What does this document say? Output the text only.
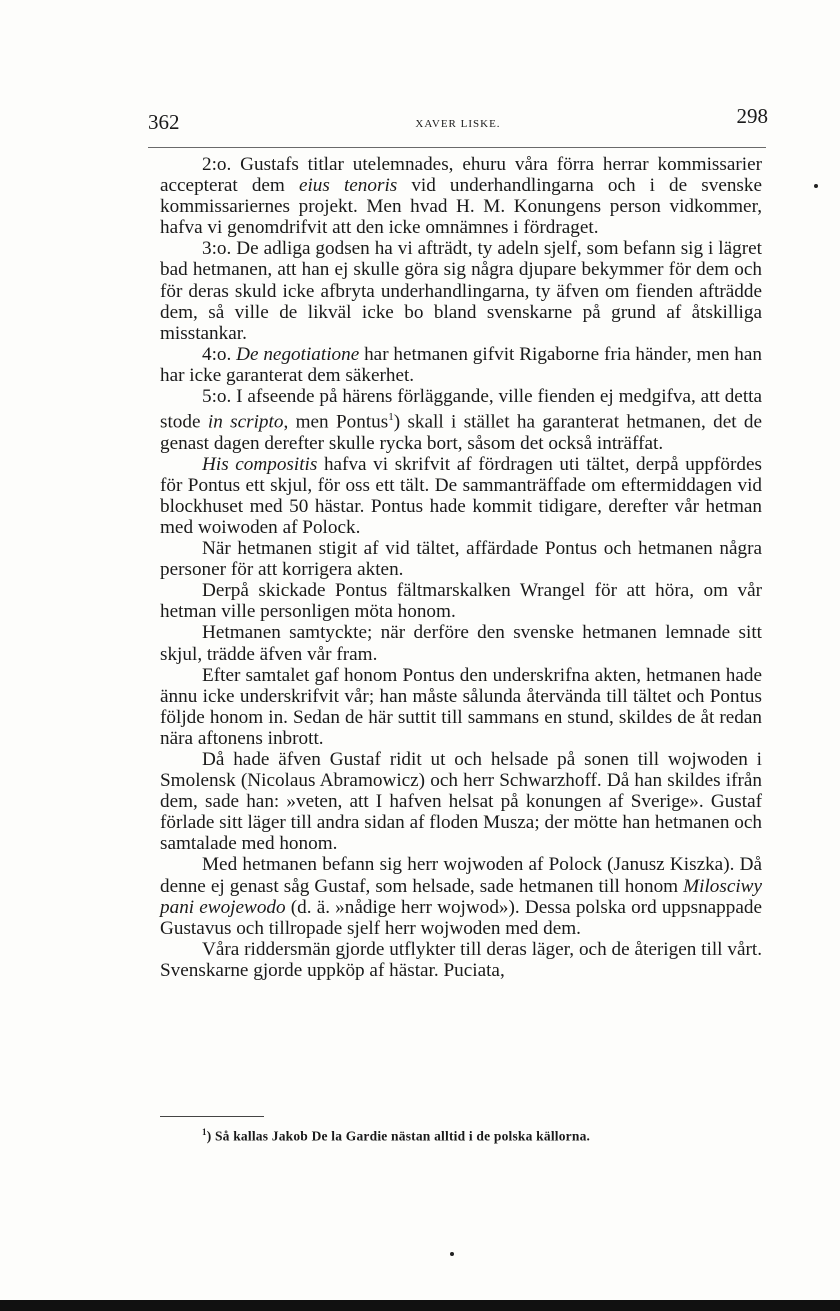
362	XAVER LISKE.	298

2:o. Gustafs titlar utelemnades, ehuru våra förra herrar kommissarier accepterat dem eius tenoris vid underhandlingarna och i de svenske kommissariernes projekt. Men hvad H. M. Konungens person vidkommer, hafva vi genomdrifvit att den icke omnämnes i fördraget.

3:o. De adliga godsen ha vi afträdt, ty adeln sjelf, som befann sig i lägret bad hetmanen, att han ej skulle göra sig några djupare bekymmer för dem och för deras skuld icke afbryta underhandlingarna, ty äfven om fienden afträdde dem, så ville de likväl icke bo bland svenskarne på grund af åtskilliga misstankar.

4:o. De negotiatione har hetmanen gifvit Rigaborne fria händer, men han har icke garanterat dem säkerhet.

5:o. I afseende på härens förläggande, ville fienden ej medgifva, att detta stode in scripto, men Pontus$^1$) skall i stället ha garanterat hetmanen, det de genast dagen derefter skulle rycka bort, såsom det också inträffat.

His compositis hafva vi skrifvit af fördragen uti tältet, derpå uppfördes för Pontus ett skjul, för oss ett tält. De sammanträffade om eftermiddagen vid blockhuset med 50 hästar. Pontus hade kommit tidigare, derefter vår hetman med woiwoden af Polock.

När hetmanen stigit af vid tältet, affärdade Pontus och hetmanen några personer för att korrigera akten.

Derpå skickade Pontus fältmarskalken Wrangel för att höra, om vår hetman ville personligen möta honom.

Hetmanen samtyckte; när derföre den svenske hetmanen lemnade sitt skjul, trädde äfven vår fram.

Efter samtalet gaf honom Pontus den underskrifna akten, hetmanen hade ännu icke underskrifvit vår; han måste sålunda återvända till tältet och Pontus följde honom in. Sedan de här suttit till sammans en stund, skildes de åt redan nära aftonens inbrott.

Då hade äfven Gustaf ridit ut och helsade på sonen till wojwoden i Smolensk (Nicolaus Abramowicz) och herr Schwarzhoff. Då han skildes ifrån dem, sade han: »veten, att I hafven helsat på konungen af Sverige». Gustaf förlade sitt läger till andra sidan af floden Musza; der mötte han hetmanen och samtalade med honom.

Med hetmanen befann sig herr wojwoden af Polock (Janusz Kiszka). Då denne ej genast såg Gustaf, som helsade, sade hetmanen till honom Milosciwy pani ewojewodo (d. ä. »nådige herr wojwod»). Dessa polska ord uppsnappade Gustavus och tillropade sjelf herr wojwoden med dem.

Våra riddersmän gjorde utflykter till deras läger, och de återigen till vårt. Svenskarne gjorde uppköp af hästar. Puciata,

$^1$) Så kallas Jakob De la Gardie nästan alltid i de polska källorna.
